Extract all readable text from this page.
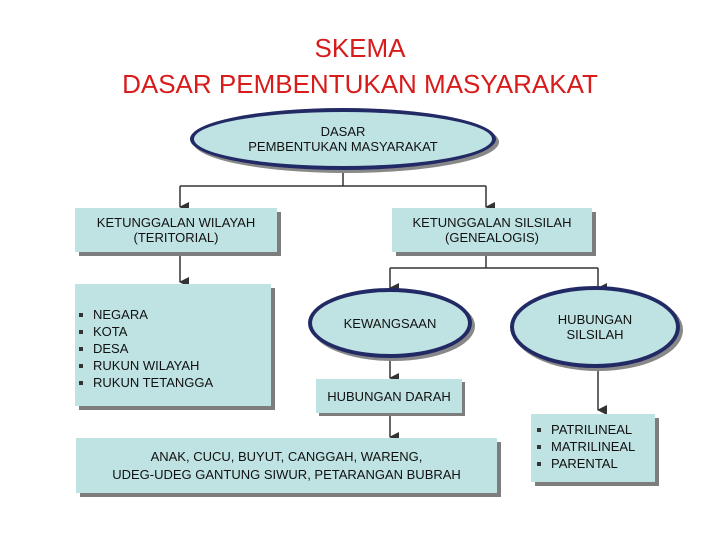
SKEMA
DASAR PEMBENTUKAN MASYARAKAT
DASAR
PEMBENTUKAN MASYARAKAT
KETUNGGALAN WILAYAH
(TERITORIAL)
KETUNGGALAN SILSILAH
(GENEALOGIS)
NEGARA
KOTA
DESA
RUKUN WILAYAH
RUKUN TETANGGA
KEWANGSAAN	HUBUNGAN
SILSILAH
HUBUNGAN DARAH
ANAK, CUCU, BUYUT, CANGGAH, WARENG,
UDEG-UDEG GANTUNG SIWUR, PETARANGAN BUBRAH
PATRILINEAL
MATRILINEAL
PARENTAL
